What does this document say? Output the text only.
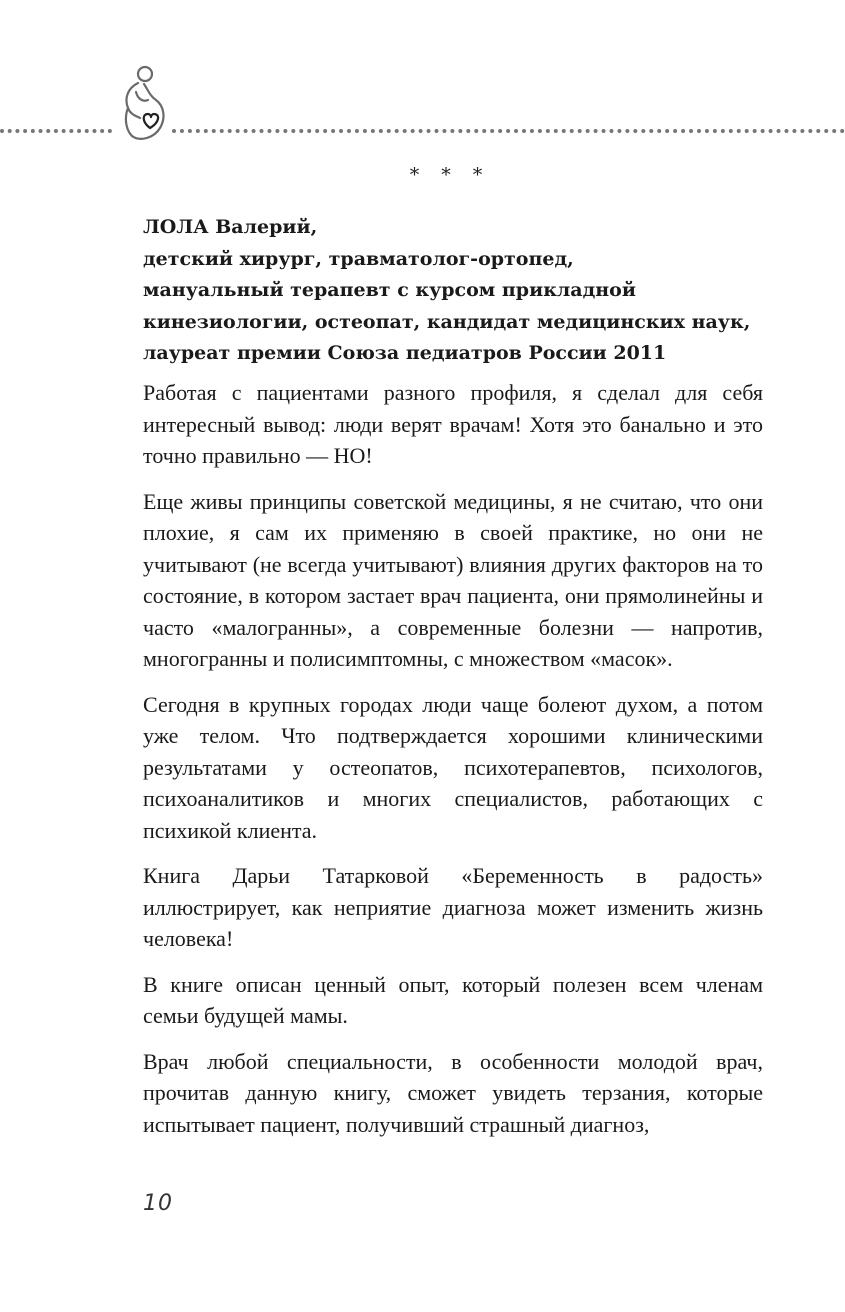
* * *
ЛОЛА Валерий,
детский хирург, травматолог-ортопед,
мануальный терапевт с курсом прикладной
кинезиологии, остеопат, кандидат медицинских наук,
лауреат премии Союза педиатров России 2011

Работая с пациентами разного профиля, я сделал для себя интересный вывод: люди верят врачам! Хотя это банально и это точно правильно — НО!

Еще живы принципы советской медицины, я не считаю, что они плохие, я сам их применяю в своей практике, но они не учитывают (не всегда учитывают) влияния других факторов на то состояние, в котором застает врач пациента, они прямолинейны и часто «малогранны», а современные болезни — напротив, многогранны и полисимптомны, с множеством «масок».

Сегодня в крупных городах люди чаще болеют духом, а потом уже телом. Что подтверждается хорошими клиническими результатами у остеопатов, психотерапевтов, психологов, психоаналитиков и многих специалистов, работающих с психикой клиента.

Книга Дарьи Татарковой «Беременность в радость» иллюстрирует, как неприятие диагноза может изменить жизнь человека!

В книге описан ценный опыт, который полезен всем членам семьи будущей мамы.

Врач любой специальности, в особенности молодой врач, прочитав данную книгу, сможет увидеть терзания, которые испытывает пациент, получивший страшный диагноз,

10
